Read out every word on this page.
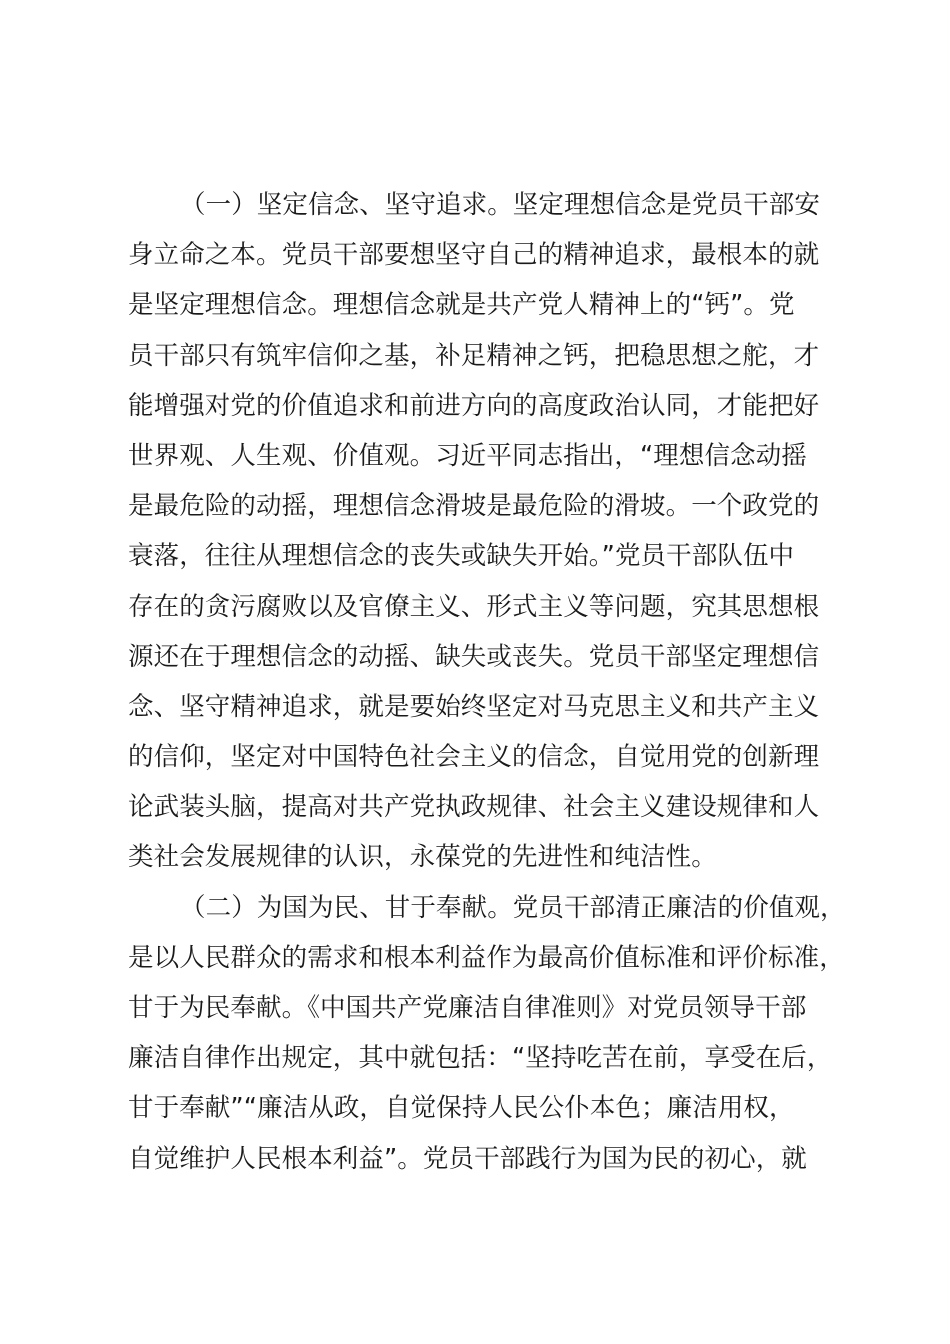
（一）坚定信念、坚守追求。坚定理想信念是党员干部安
身立命之本。党员干部要想坚守自己的精神追求，最根本的就
是坚定理想信念。理想信念就是共产党人精神上的“钙”。党
员干部只有筑牢信仰之基，补足精神之钙，把稳思想之舵，才
能增强对党的价值追求和前进方向的高度政治认同，才能把好
世界观、人生观、价值观。习近平同志指出，“理想信念动摇
是最危险的动摇，理想信念滑坡是最危险的滑坡。一个政党的
衰落，往往从理想信念的丧失或缺失开始。”党员干部队伍中
存在的贪污腐败以及官僚主义、形式主义等问题，究其思想根
源还在于理想信念的动摇、缺失或丧失。党员干部坚定理想信
念、坚守精神追求，就是要始终坚定对马克思主义和共产主义
的信仰，坚定对中国特色社会主义的信念，自觉用党的创新理
论武装头脑，提高对共产党执政规律、社会主义建设规律和人
类社会发展规律的认识，永葆党的先进性和纯洁性。
（二）为国为民、甘于奉献。党员干部清正廉洁的价值观，
是以人民群众的需求和根本利益作为最高价值标准和评价标准，
甘于为民奉献。《中国共产党廉洁自律准则》对党员领导干部
廉洁自律作出规定，其中就包括：“坚持吃苦在前，享受在后，
甘于奉献”“廉洁从政，自觉保持人民公仆本色；廉洁用权，
自觉维护人民根本利益”。党员干部践行为国为民的初心，就
